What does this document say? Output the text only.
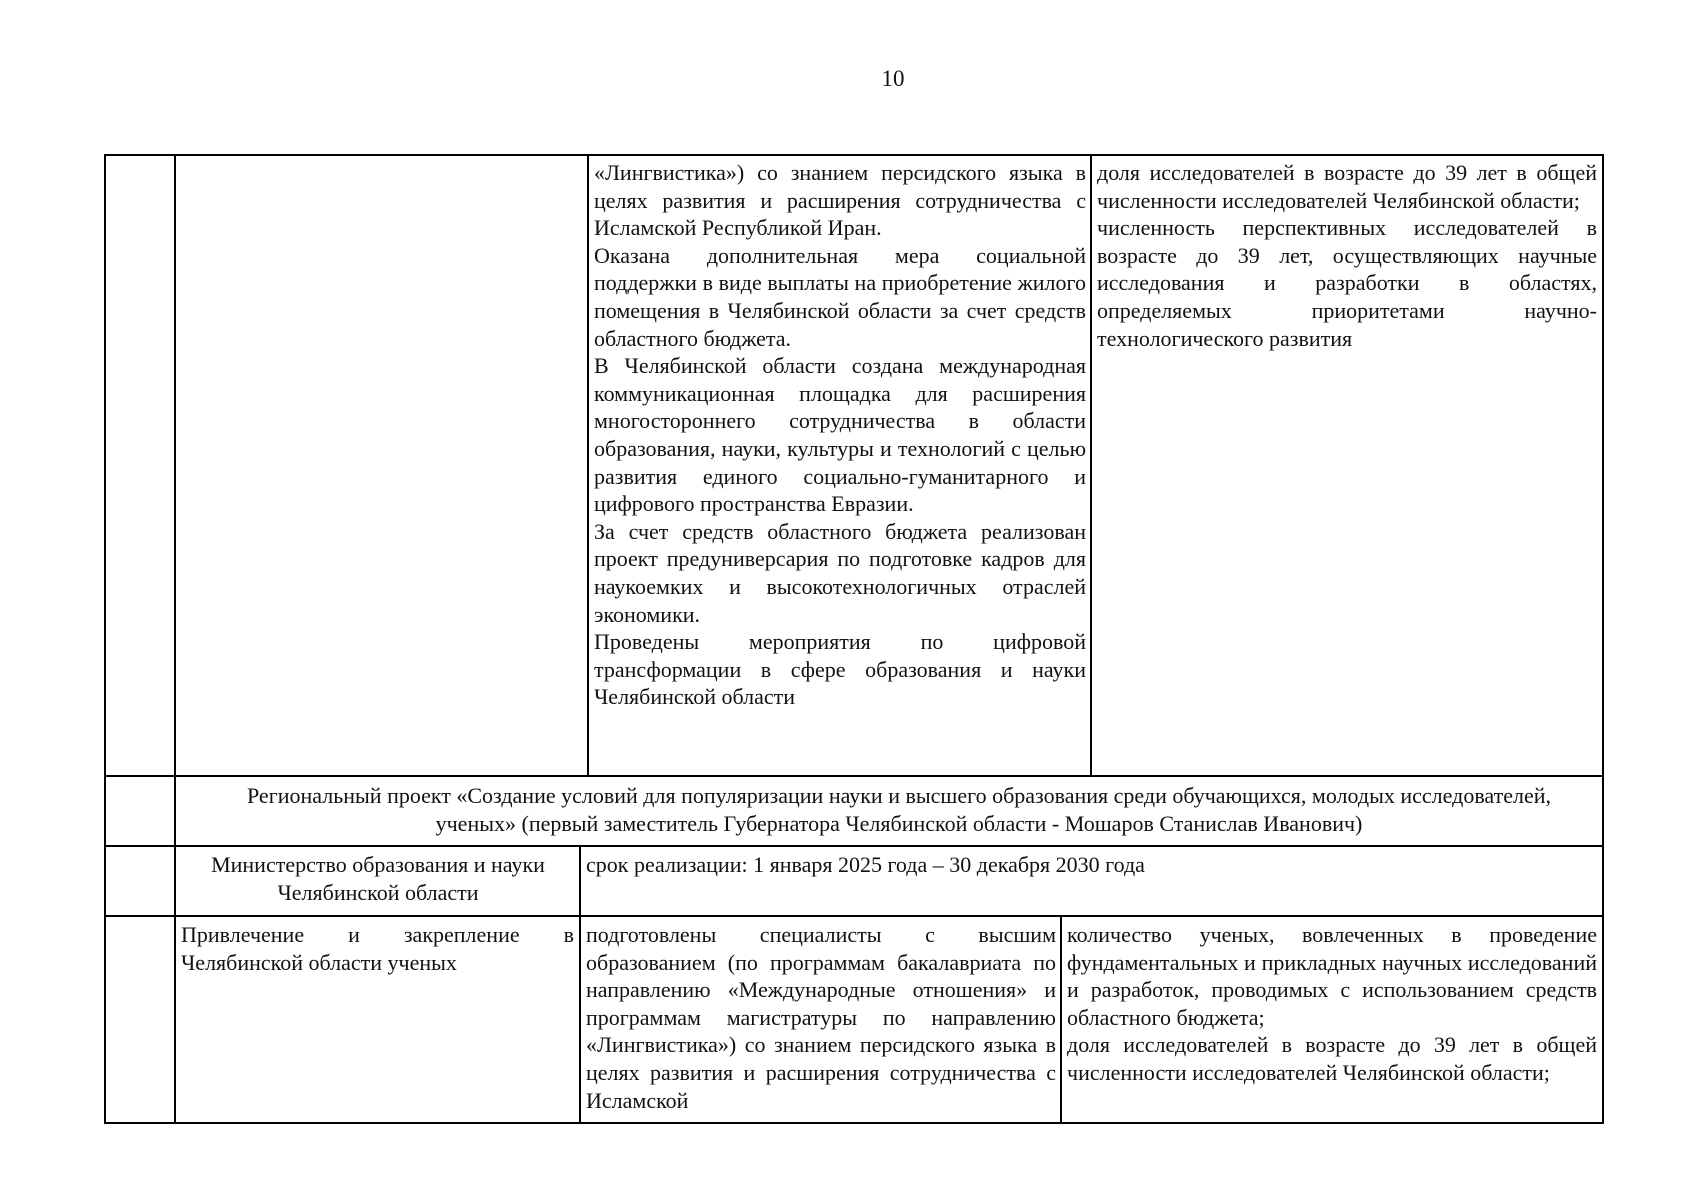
10
«Лингвистика») со знанием персидского языка в целях развития и расширения сотрудничества с Исламской Республикой Иран.
Оказана дополнительная мера социальной поддержки в виде выплаты на приобретение жилого помещения в Челябинской области за счет средств областного бюджета.
В Челябинской области создана международная коммуникационная площадка для расширения многостороннего сотрудничества в области образования, науки, культуры и технологий с целью развития единого социально-гуманитарного и цифрового пространства Евразии.
За счет средств областного бюджета реализован проект предуниверсария по подготовке кадров для наукоемких и высокотехнологичных отраслей экономики.
Проведены мероприятия по цифровой трансформации в сфере образования и науки Челябинской области
доля исследователей в возрасте до 39 лет в общей численности исследователей Челябинской области;
численность перспективных исследователей в возрасте до 39 лет, осуществляющих научные исследования и разработки в областях, определяемых приоритетами научно-технологического развития
Региональный проект «Создание условий для популяризации науки и высшего образования среди обучающихся, молодых исследователей, ученых» (первый заместитель Губернатора Челябинской области - Мошаров Станислав Иванович)
Министерство образования и науки Челябинской области
срок реализации: 1 января 2025 года – 30 декабря 2030 года
Привлечение и закрепление в Челябинской области ученых
подготовлены специалисты с высшим образованием (по программам бакалавриата по направлению «Международные отношения» и программам магистратуры по направлению «Лингвистика») со знанием персидского языка в целях развития и расширения сотрудничества с Исламской
количество ученых, вовлеченных в проведение фундаментальных и прикладных научных исследований и разработок, проводимых с использованием средств областного бюджета;
доля исследователей в возрасте до 39 лет в общей численности исследователей Челябинской области;
